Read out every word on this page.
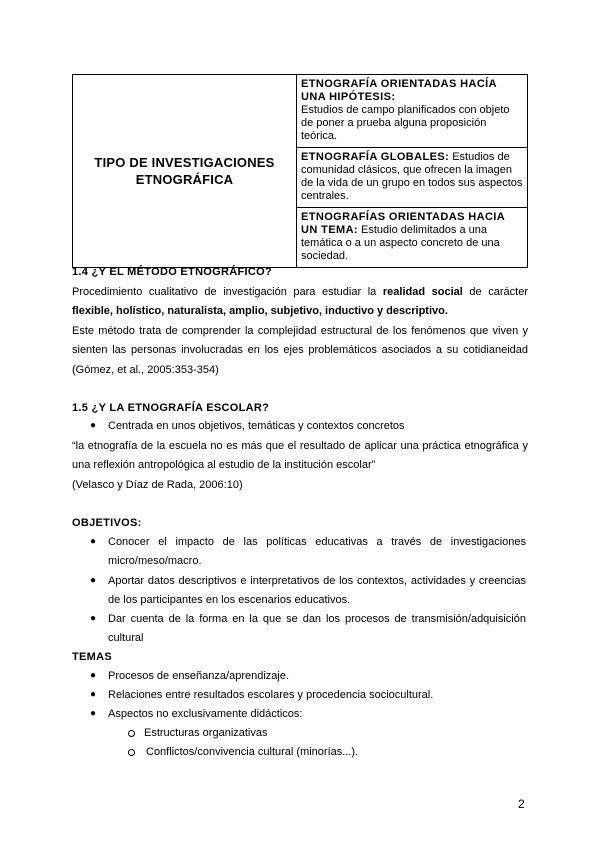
TIPO DE INVESTIGACIONES ETNOGRÁFICA	
ETNOGRAFÍA ORIENTADAS HACÍA UNA HIPÓTESIS:
Estudios de campo planificados con objeto de poner a prueba alguna proposición teórica.
ETNOGRAFÍA GLOBALES: Estudios de comunidad clásicos, que ofrecen la imagen de la vida de un grupo en todos sus aspectos centrales.
ETNOGRAFÍAS ORIENTADAS HACIA UN TEMA: Estudio delimitados a una temática o a un aspecto concreto de una sociedad.
1.4 ¿Y EL MÉTODO ETNOGRÁFICO?
Procedimiento cualitativo de investigación para estudiar la realidad social de carácter
flexible, holístico, naturalista, amplio, subjetivo, inductivo y descriptivo.
Este método trata de comprender la complejidad estructural de los fenómenos que viven y
sienten las personas involucradas en los ejes problemáticos asociados a su cotidianeidad
(Gómez, et al., 2005:353-354)
1.5 ¿Y LA ETNOGRAFÍA ESCOLAR?
● Centrada en unos objetivos, temáticas y contextos concretos
“la etnografía de la escuela no es más que el resultado de aplicar una práctica etnográfica y
una reflexión antropológica al estudio de la institución escolar”
(Velasco y Díaz de Rada, 2006:10)
OBJETIVOS:
● Conocer el impacto de las políticas educativas a través de investigaciones
micro/meso/macro.
● Aportar datos descriptivos e interpretativos de los contextos, actividades y creencias
de los participantes en los escenarios educativos.
● Dar cuenta de la forma en la que se dan los procesos de transmisión/adquisición
cultural
TEMAS
● Procesos de enseñanza/aprendizaje.
● Relaciones entre resultados escolares y procedencia sociocultural.
● Aspectos no exclusivamente didácticos:
Estructuras organizativas
Conflictos/convivencia cultural (minorías...).
2
